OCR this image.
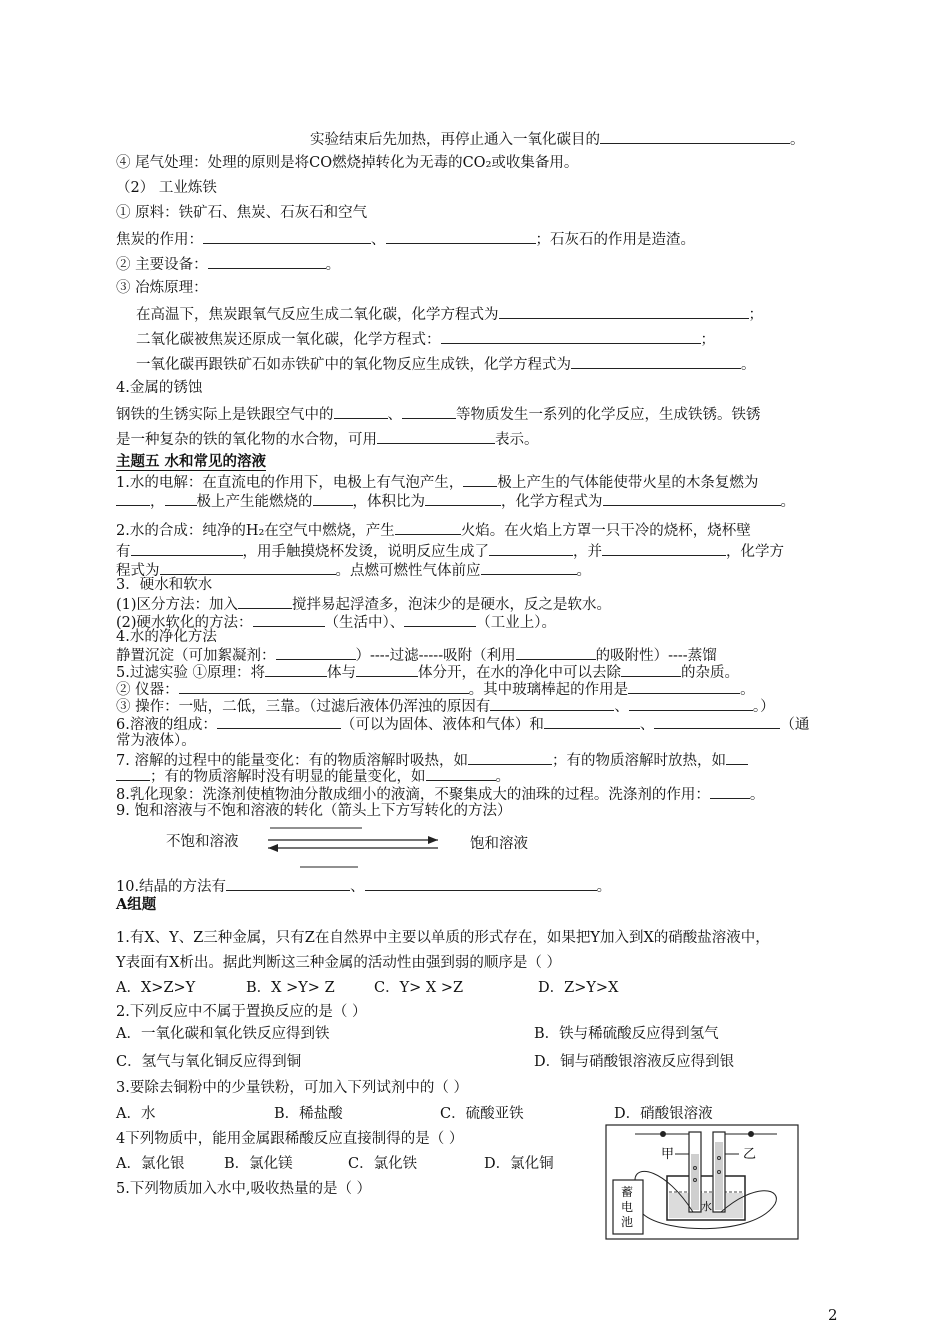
实验结束后先加热，再停止通入一氧化碳目的	。
④ 尾气处理：处理的原则是将CO燃烧掉转化为无毒的CO₂或收集备用。
（2） 工业炼铁
① 原料：铁矿石、焦炭、石灰石和空气
焦炭的作用：	、	；石灰石的作用是造渣。
② 主要设备：	。
③ 冶炼原理：
在高温下，焦炭跟氧气反应生成二氧化碳，化学方程式为	；
二氧化碳被焦炭还原成一氧化碳，化学方程式：	；
一氧化碳再跟铁矿石如赤铁矿中的氧化物反应生成铁，化学方程式为	。
4.金属的锈蚀
钢铁的生锈实际上是铁跟空气中的	、	等物质发生一系列的化学反应，生成铁锈。铁锈
是一种复杂的铁的氧化物的水合物，可用	表示。
主题五 水和常见的溶液
1.水的电解：在直流电的作用下，电极上有气泡产生， 极上产生的气体能使带火星的木条复燃为
， 极上产生能燃烧的	，体积比为	，化学方程式为	。
2.水的合成：纯净的H₂在空气中燃烧，产生	火焰。在火焰上方罩一只干冷的烧杯，烧杯壁
有	，用手触摸烧杯发烫，说明反应生成了	，并	，化学方
程式为	。点燃可燃性气体前应	。
3．硬水和软水
(1)区分方法：加入	搅拌易起浮渣多，泡沫少的是硬水，反之是软水。
(2)硬水软化的方法：	（生活中）、	（工业上）。
4.水的净化方法
静置沉淀（可加絮凝剂：	）----过滤-----吸附（利用	的吸附性）----蒸馏
5.过滤实验 ①原理：将	体与	体分开，在水的净化中可以去除	的杂质。
② 仪器：	。其中玻璃棒起的作用是	。
③ 操作：一贴，二低，三靠。（过滤后液体仍浑浊的原因有	、	。）
6.溶液的组成：	（可以为固体、液体和气体）和	、	（通
常为液体）。
7. 溶解的过程中的能量变化：有的物质溶解时吸热，如	；有的物质溶解时放热，如
；有的物质溶解时没有明显的能量变化，如	。
8.乳化现象：洗涤剂使植物油分散成细小的液滴，不聚集成大的油珠的过程。洗涤剂的作用：	。
9. 饱和溶液与不饱和溶液的转化（箭头上下方写转化的方法）
不饱和溶液	饱和溶液
10.结晶的方法有	、	。
A组题
1.有X、Y、Z三种金属，只有Z在自然界中主要以单质的形式存在，如果把Y加入到X的硝酸盐溶液中，
Y表面有X析出。据此判断这三种金属的活动性由强到弱的顺序是（ ）
A．X>Z>Y	B．X >Y> Z	C．Y> X >Z	D．Z>Y>X
2.下列反应中不属于置换反应的是（ ）
A．一氧化碳和氧化铁反应得到铁	B．铁与稀硫酸反应得到氢气
C．氢气与氧化铜反应得到铜	D．铜与硝酸银溶液反应得到银
3.要除去铜粉中的少量铁粉，可加入下列试剂中的（ ）
A．水	B．稀盐酸	C．硫酸亚铁	D．硝酸银溶液
4下列物质中，能用金属跟稀酸反应直接制得的是（ ）
A．氯化银	B．氯化镁	C．氯化铁	D．氯化铜
5.下列物质加入水中,吸收热量的是（ ）
甲	乙
水
蓄
电
池
2
